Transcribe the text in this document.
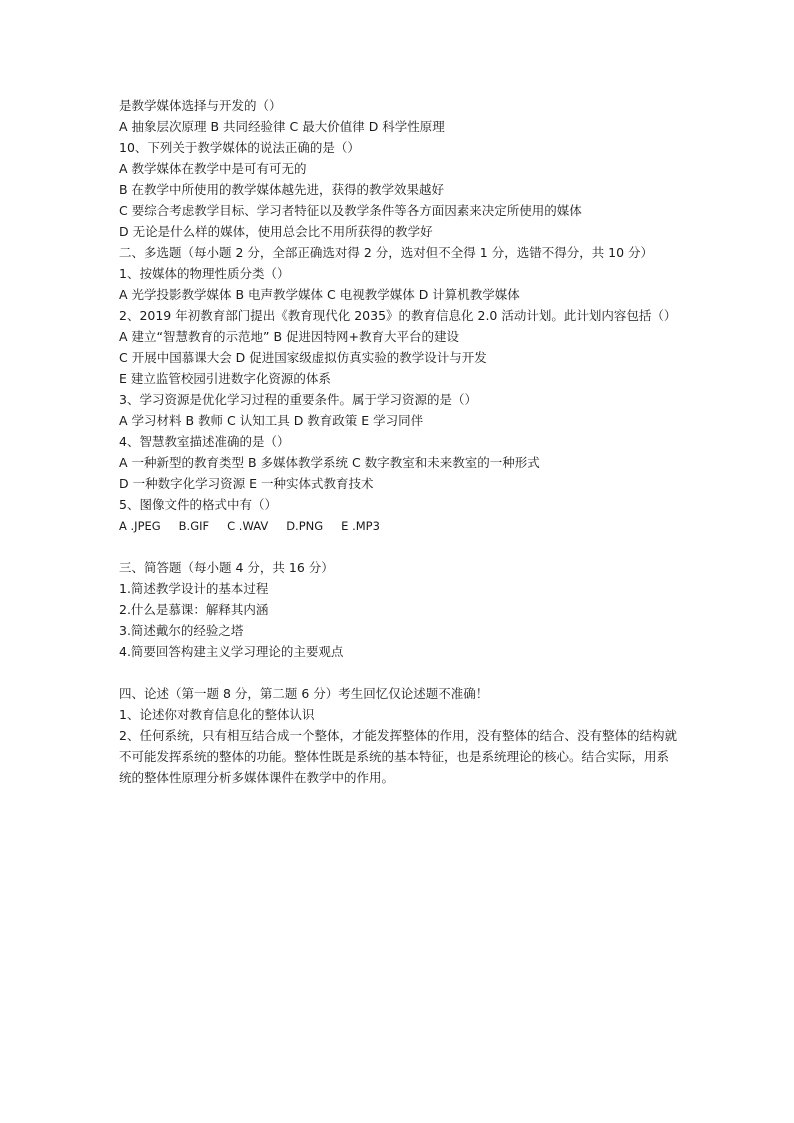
是教学媒体选择与开发的（）
A 抽象层次原理 B 共同经验律 C 最大价值律 D 科学性原理
10、下列关于教学媒体的说法正确的是（）
A 教学媒体在教学中是可有可无的
B 在教学中所使用的教学媒体越先进，获得的教学效果越好
C 要综合考虑教学目标、学习者特征以及教学条件等各方面因素来决定所使用的媒体
D 无论是什么样的媒体，使用总会比不用所获得的教学好
二、多选题（每小题 2 分，全部正确选对得 2 分，选对但不全得 1 分，选错不得分，共 10 分）
1、按媒体的物理性质分类（）
A 光学投影教学媒体 B 电声教学媒体 C 电视教学媒体 D 计算机教学媒体
2、2019 年初教育部门提出《教育现代化 2035》的教育信息化 2.0 活动计划。此计划内容包括（）
A 建立“智慧教育的示范地” B 促进因特网+教育大平台的建设
C 开展中国慕课大会 D 促进国家级虚拟仿真实验的教学设计与开发
E 建立监管校园引进数字化资源的体系
3、学习资源是优化学习过程的重要条件。属于学习资源的是（）
A 学习材料 B 教师 C 认知工具 D 教育政策 E 学习同伴
4、智慧教室描述准确的是（）
A 一种新型的教育类型 B 多媒体教学系统 C 数字教室和未来教室的一种形式
D 一种数字化学习资源 E 一种实体式教育技术
5、图像文件的格式中有（）
A .JPEG B.GIF C .WAV D.PNG E .MP3
三、简答题（每小题 4 分，共 16 分）
1.简述教学设计的基本过程
2.什么是慕课：解释其内涵
3.简述戴尔的经验之塔
4.简要回答构建主义学习理论的主要观点
四、论述（第一题 8 分，第二题 6 分）考生回忆仅论述题不准确！
1、论述你对教育信息化的整体认识
2、任何系统，只有相互结合成一个整体，才能发挥整体的作用，没有整体的结合、没有整体的结构就不可能发挥系统的整体的功能。整体性既是系统的基本特征，也是系统理论的核心。结合实际，用系统的整体性原理分析多媒体课件在教学中的作用。
